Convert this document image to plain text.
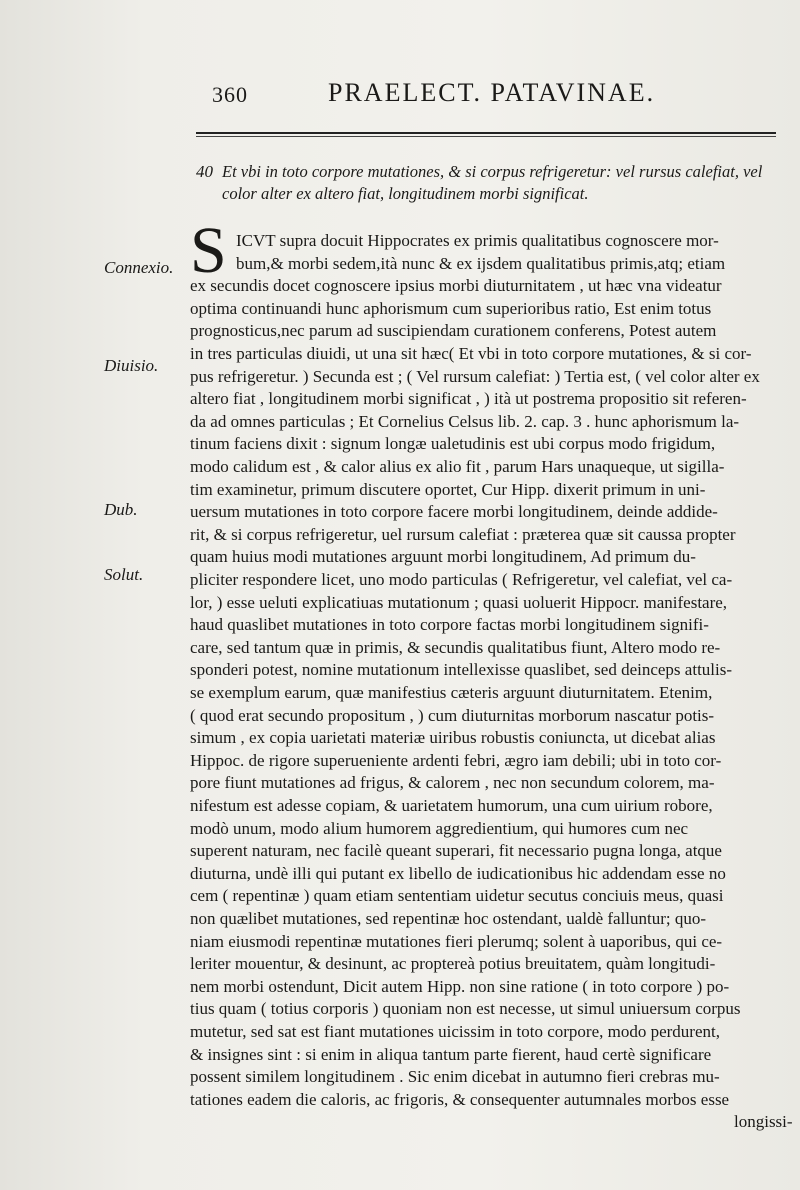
360	PRAELECT. PATAVINAE.
40 Et vbi in toto corpore mutationes, & si corpus refrigeretur: vel rursus calefiat, vel
color alter ex altero fiat, longitudinem morbi significat.
S
Connexio.
Diuisio.
Dub.
Solut.
ICVT supra docuit Hippocrates ex primis qualitatibus cognoscere mor-
bum,& morbi sedem,ità nunc & ex ijsdem qualitatibus primis,atq; etiam
ex secundis docet cognoscere ipsius morbi diuturnitatem , ut hæc vna videatur
optima continuandi hunc aphorismum cum superioribus ratio, Est enim totus
prognosticus,nec parum ad suscipiendam curationem conferens, Potest autem
in tres particulas diuidi, ut una sit hæc( Et vbi in toto corpore mutationes, & si cor-
pus refrigeretur. ) Secunda est ; ( Vel rursum calefiat: ) Tertia est, ( vel color alter ex
altero fiat , longitudinem morbi significat , ) ità ut postrema propositio sit referen-
da ad omnes particulas ; Et Cornelius Celsus lib. 2. cap. 3 . hunc aphorismum la-
tinum faciens dixit : signum longæ ualetudinis est ubi corpus modo frigidum,
modo calidum est , & calor alius ex alio fit , parum Hars unaqueque, ut sigilla-
tim examinetur, primum discutere oportet, Cur Hipp. dixerit primum in uni-
uersum mutationes in toto corpore facere morbi longitudinem, deinde addide-
rit, & si corpus refrigeretur, uel rursum calefiat : præterea quæ sit caussa propter
quam huius modi mutationes arguunt morbi longitudinem, Ad primum du-
pliciter respondere licet, uno modo particulas ( Refrigeretur, vel calefiat, vel ca-
lor, ) esse ueluti explicatiuas mutationum ; quasi uoluerit Hippocr. manifestare,
haud quaslibet mutationes in toto corpore factas morbi longitudinem signifi-
care, sed tantum quæ in primis, & secundis qualitatibus fiunt, Altero modo re-
sponderi potest, nomine mutationum intellexisse quaslibet, sed deinceps attulis-
se exemplum earum, quæ manifestius cæteris arguunt diuturnitatem. Etenim,
( quod erat secundo propositum , ) cum diuturnitas morborum nascatur potis-
simum , ex copia uarietati materiæ uiribus robustis coniuncta, ut dicebat alias
Hippoc. de rigore superueniente ardenti febri, ægro iam debili; ubi in toto cor-
pore fiunt mutationes ad frigus, & calorem , nec non secundum colorem, ma-
nifestum est adesse copiam, & uarietatem humorum, una cum uirium robore,
modò unum, modo alium humorem aggredientium, qui humores cum nec
superent naturam, nec facilè queant superari, fit necessario pugna longa, atque
diuturna, undè illi qui putant ex libello de iudicationibus hic addendam esse no
cem ( repentinæ ) quam etiam sententiam uidetur secutus conciuis meus, quasi
non quælibet mutationes, sed repentinæ hoc ostendant, ualdè falluntur; quo-
niam eiusmodi repentinæ mutationes fieri plerumq; solent à uaporibus, qui ce-
leriter mouentur, & desinunt, ac proptereà potius breuitatem, quàm longitudi-
nem morbi ostendunt, Dicit autem Hipp. non sine ratione ( in toto corpore ) po-
tius quam ( totius corporis ) quoniam non est necesse, ut simul uniuersum corpus
mutetur, sed sat est fiant mutationes uicissim in toto corpore, modo perdurent,
& insignes sint : si enim in aliqua tantum parte fierent, haud certè significare
possent similem longitudinem . Sic enim dicebat in autumno fieri crebras mu-
tationes eadem die caloris, ac frigoris, & consequenter autumnales morbos esse
longissi-
